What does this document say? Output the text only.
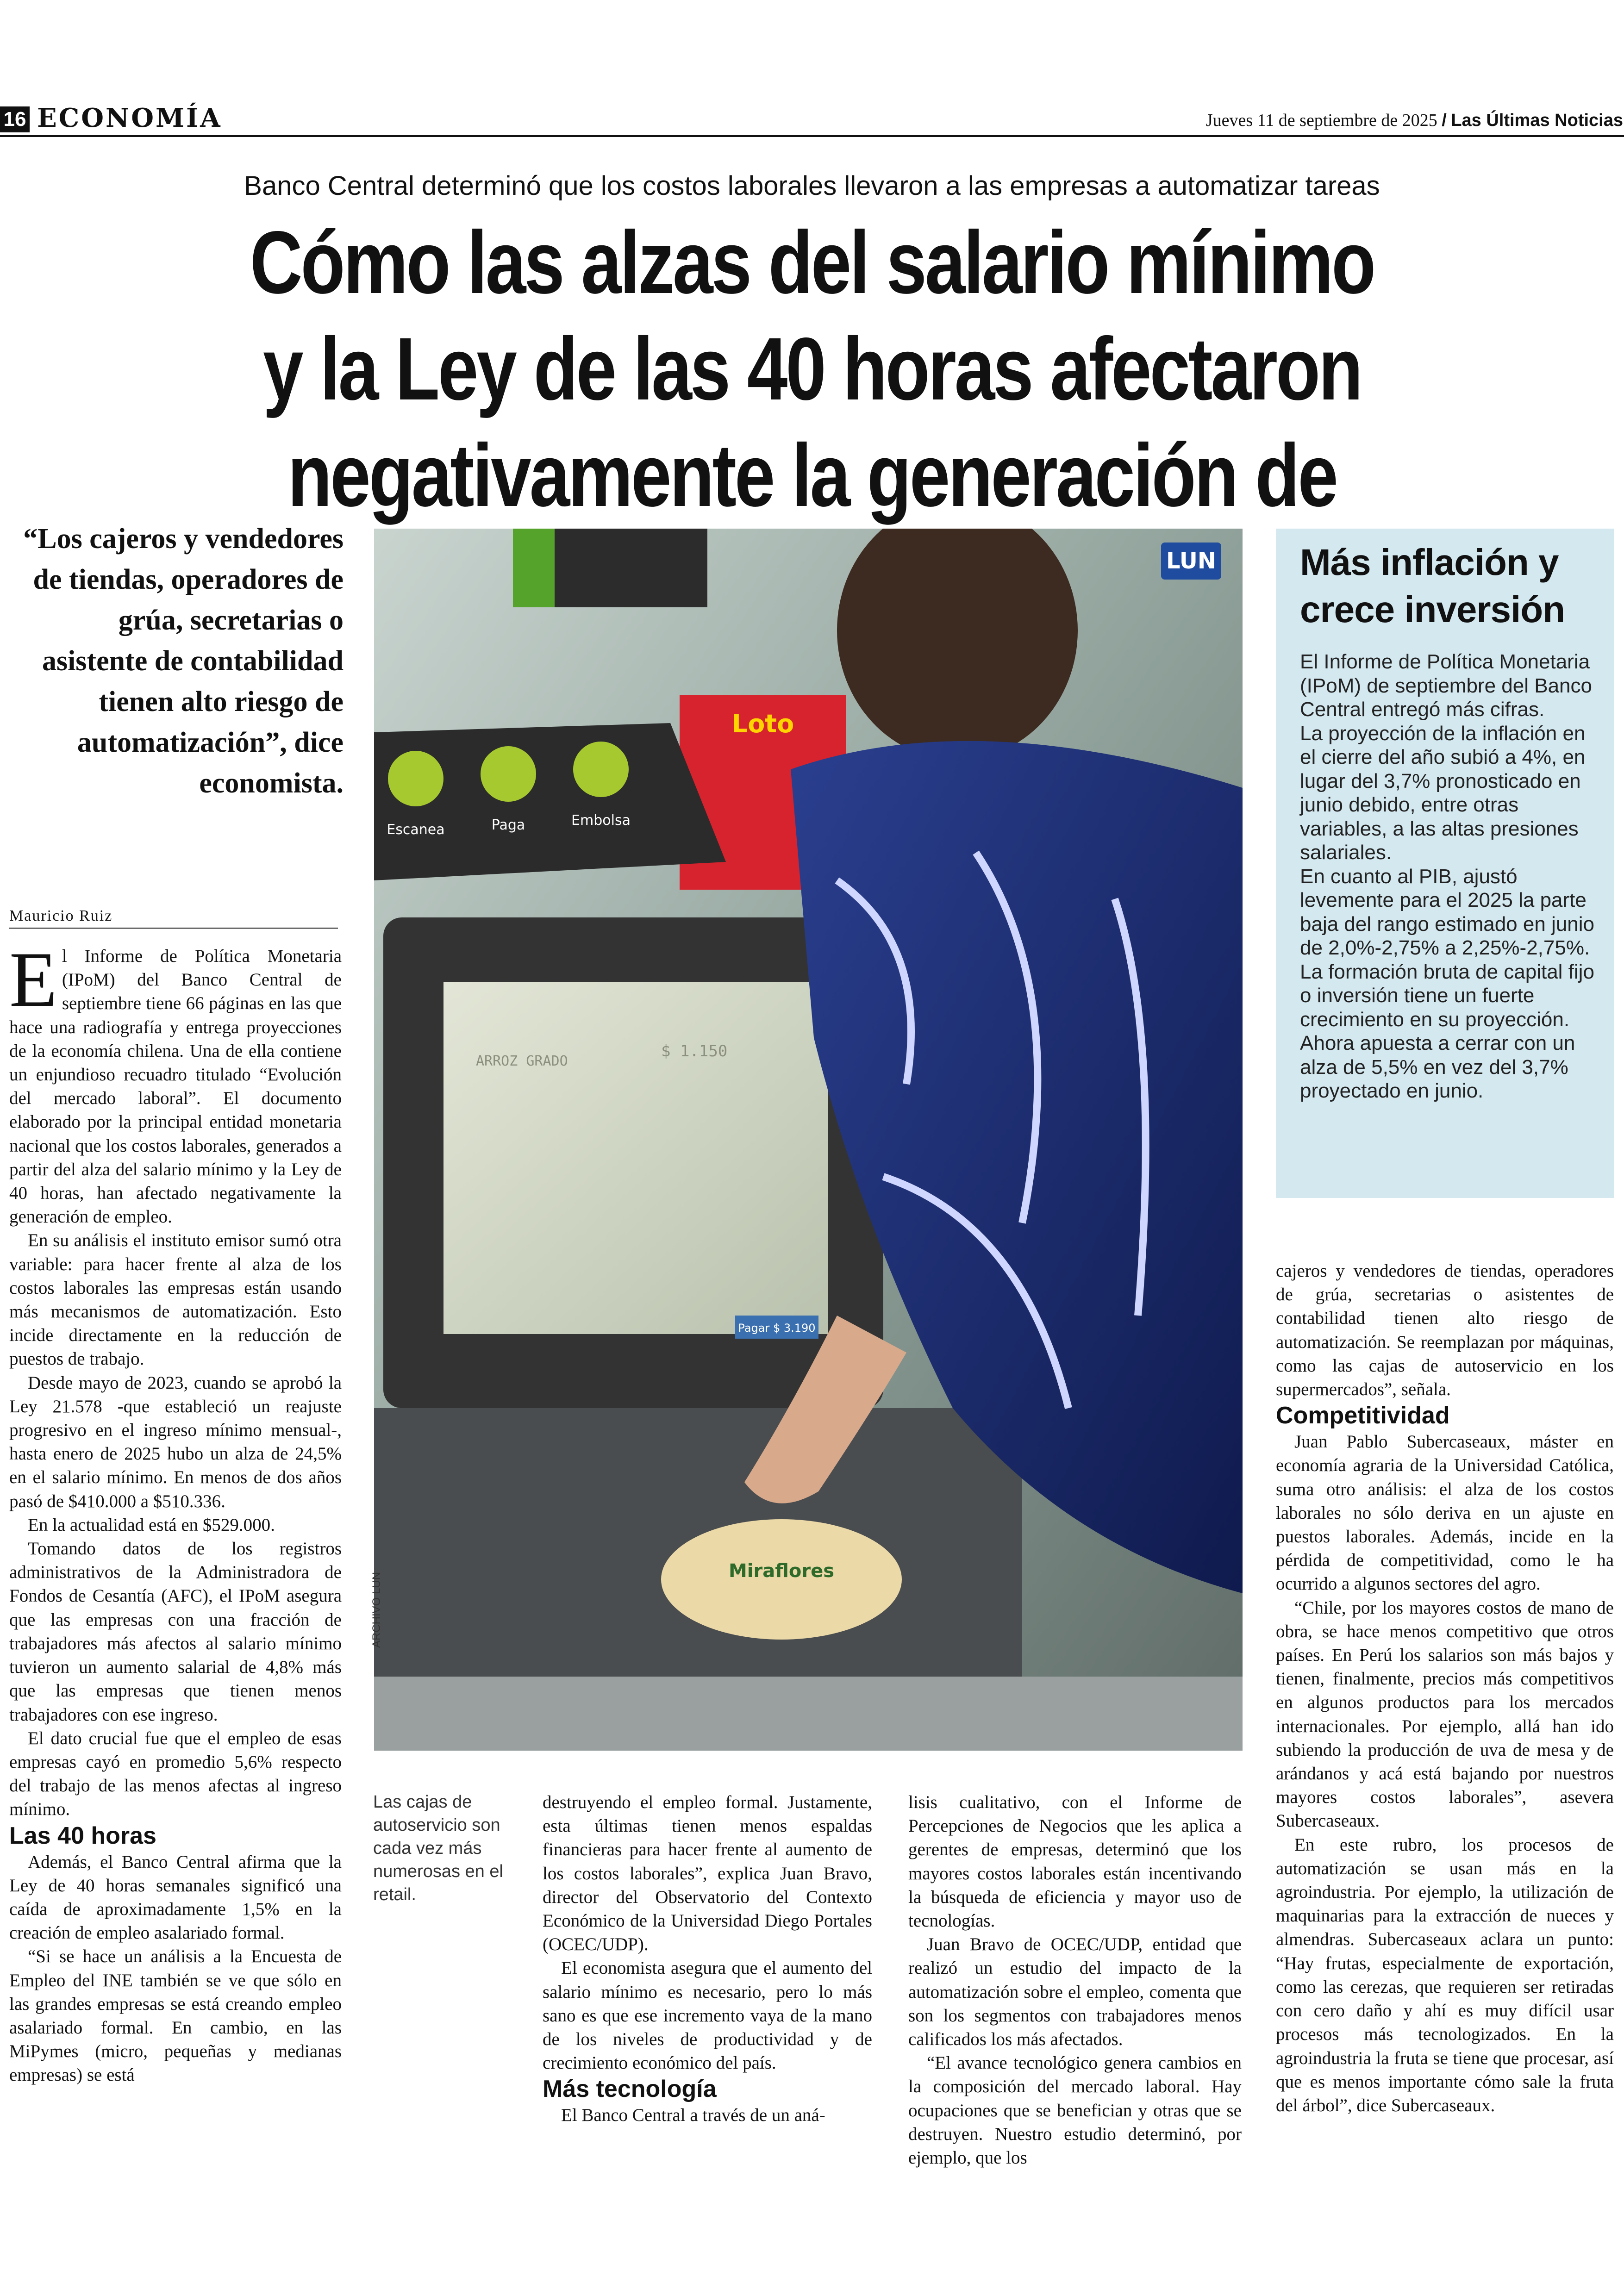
16 ECONOMÍA	Jueves 11 de septiembre de 2025 / Las Últimas Noticias
Banco Central determinó que los costos laborales llevaron a las empresas a automatizar tareas
Cómo las alzas del salario mínimo
y la Ley de las 40 horas afectaron
negativamente la generación de
“Los cajeros y vendedores de tiendas, operadores de grúa, secretarias o asistente de contabilidad tienen alto riesgo de automatización”, dice economista.
Mauricio Ruiz

El Informe de Política Monetaria (IPoM) del Banco Central de septiembre tiene 66 páginas en las que hace una radiografía y entrega proyecciones de la economía chilena. Una de ella contiene un enjundioso recuadro titulado “Evolución del mercado laboral”. El documento elaborado por la principal entidad monetaria nacional que los costos laborales, generados a partir del alza del salario mínimo y la Ley de 40 horas, han afectado negativamente la generación de empleo.

En su análisis el instituto emisor sumó otra variable: para hacer frente al alza de los costos laborales las empresas están usando más mecanismos de automatización. Esto incide directamente en la reducción de puestos de trabajo.

Desde mayo de 2023, cuando se aprobó la Ley 21.578 -que estableció un reajuste progresivo en el ingreso mínimo mensual-, hasta enero de 2025 hubo un alza de 24,5% en el salario mínimo. En menos de dos años pasó de $410.000 a $510.336.

En la actualidad está en $529.000.

Tomando datos de los registros administrativos de la Administradora de Fondos de Cesantía (AFC), el IPoM asegura que las empresas con una fracción de trabajadores más afectos al salario mínimo tuvieron un aumento salarial de 4,8% más que las empresas que tienen menos trabajadores con ese ingreso.

El dato crucial fue que el empleo de esas empresas cayó en promedio 5,6% respecto del trabajo de las menos afectas al ingreso mínimo.

Las 40 horas

Además, el Banco Central afirma que la Ley de 40 horas semanales significó una caída de aproximadamente 1,5% en la creación de empleo asalariado formal.

“Si se hace un análisis a la Encuesta de Empleo del INE también se ve que sólo en las grandes empresas se está creando empleo asalariado formal. En cambio, en las MiPymes (micro, pequeñas y medianas empresas) se está

Loto
Escanea	Paga	Embolsa
ARROZ GRADO
$ 1.150
Pagar $ 3.190
Miraflores
LUN
ARCHIVO LUN
Las cajas de autoservicio son cada vez más numerosas en el retail.

destruyendo el empleo formal. Justamente, esta últimas tienen menos espaldas financieras para hacer frente al aumento de los costos laborales”, explica Juan Bravo, director del Observatorio del Contexto Económico de la Universidad Diego Portales (OCEC/UDP).

El economista asegura que el aumento del salario mínimo es necesario, pero lo más sano es que ese incremento vaya de la mano de los niveles de productividad y de crecimiento económico del país.

Más tecnología

El Banco Central a través de un aná-

lisis cualitativo, con el Informe de Percepciones de Negocios que les aplica a gerentes de empresas, determinó que los mayores costos laborales están incentivando la búsqueda de eficiencia y mayor uso de tecnologías.

Juan Bravo de OCEC/UDP, entidad que realizó un estudio del impacto de la automatización sobre el empleo, comenta que son los segmentos con trabajadores menos calificados los más afectados.

“El avance tecnológico genera cambios en la composición del mercado laboral. Hay ocupaciones que se benefician y otras que se destruyen. Nuestro estudio determinó, por ejemplo, que los

Más inflación y crece inversión

El Informe de Política Monetaria (IPoM) de septiembre del Banco Central entregó más cifras.

La proyección de la inflación en el cierre del año subió a 4%, en lugar del 3,7% pronosticado en junio debido, entre otras variables, a las altas presiones salariales.

En cuanto al PIB, ajustó levemente para el 2025 la parte baja del rango estimado en junio de 2,0%-2,75% a 2,25%-2,75%.

La formación bruta de capital fijo o inversión tiene un fuerte crecimiento en su proyección. Ahora apuesta a cerrar con un alza de 5,5% en vez del 3,7% proyectado en junio.

cajeros y vendedores de tiendas, operadores de grúa, secretarias o asistentes de contabilidad tienen alto riesgo de automatización. Se reemplazan por máquinas, como las cajas de autoservicio en los supermercados”, señala.

Competitividad

Juan Pablo Subercaseaux, máster en economía agraria de la Universidad Católica, suma otro análisis: el alza de los costos laborales no sólo deriva en un ajuste en puestos laborales. Además, incide en la pérdida de competitividad, como le ha ocurrido a algunos sectores del agro.

“Chile, por los mayores costos de mano de obra, se hace menos competitivo que otros países. En Perú los salarios son más bajos y tienen, finalmente, precios más competitivos en algunos productos para los mercados internacionales. Por ejemplo, allá han ido subiendo la producción de uva de mesa y de arándanos y acá está bajando por nuestros mayores costos laborales”, asevera Subercaseaux.

En este rubro, los procesos de automatización se usan más en la agroindustria. Por ejemplo, la utilización de maquinarias para la extracción de nueces y almendras. Subercaseaux aclara un punto: “Hay frutas, especialmente de exportación, como las cerezas, que requieren ser retiradas con cero daño y ahí es muy difícil usar procesos más tecnologizados. En la agroindustria la fruta se tiene que procesar, así que es menos importante cómo sale la fruta del árbol”, dice Subercaseaux.
